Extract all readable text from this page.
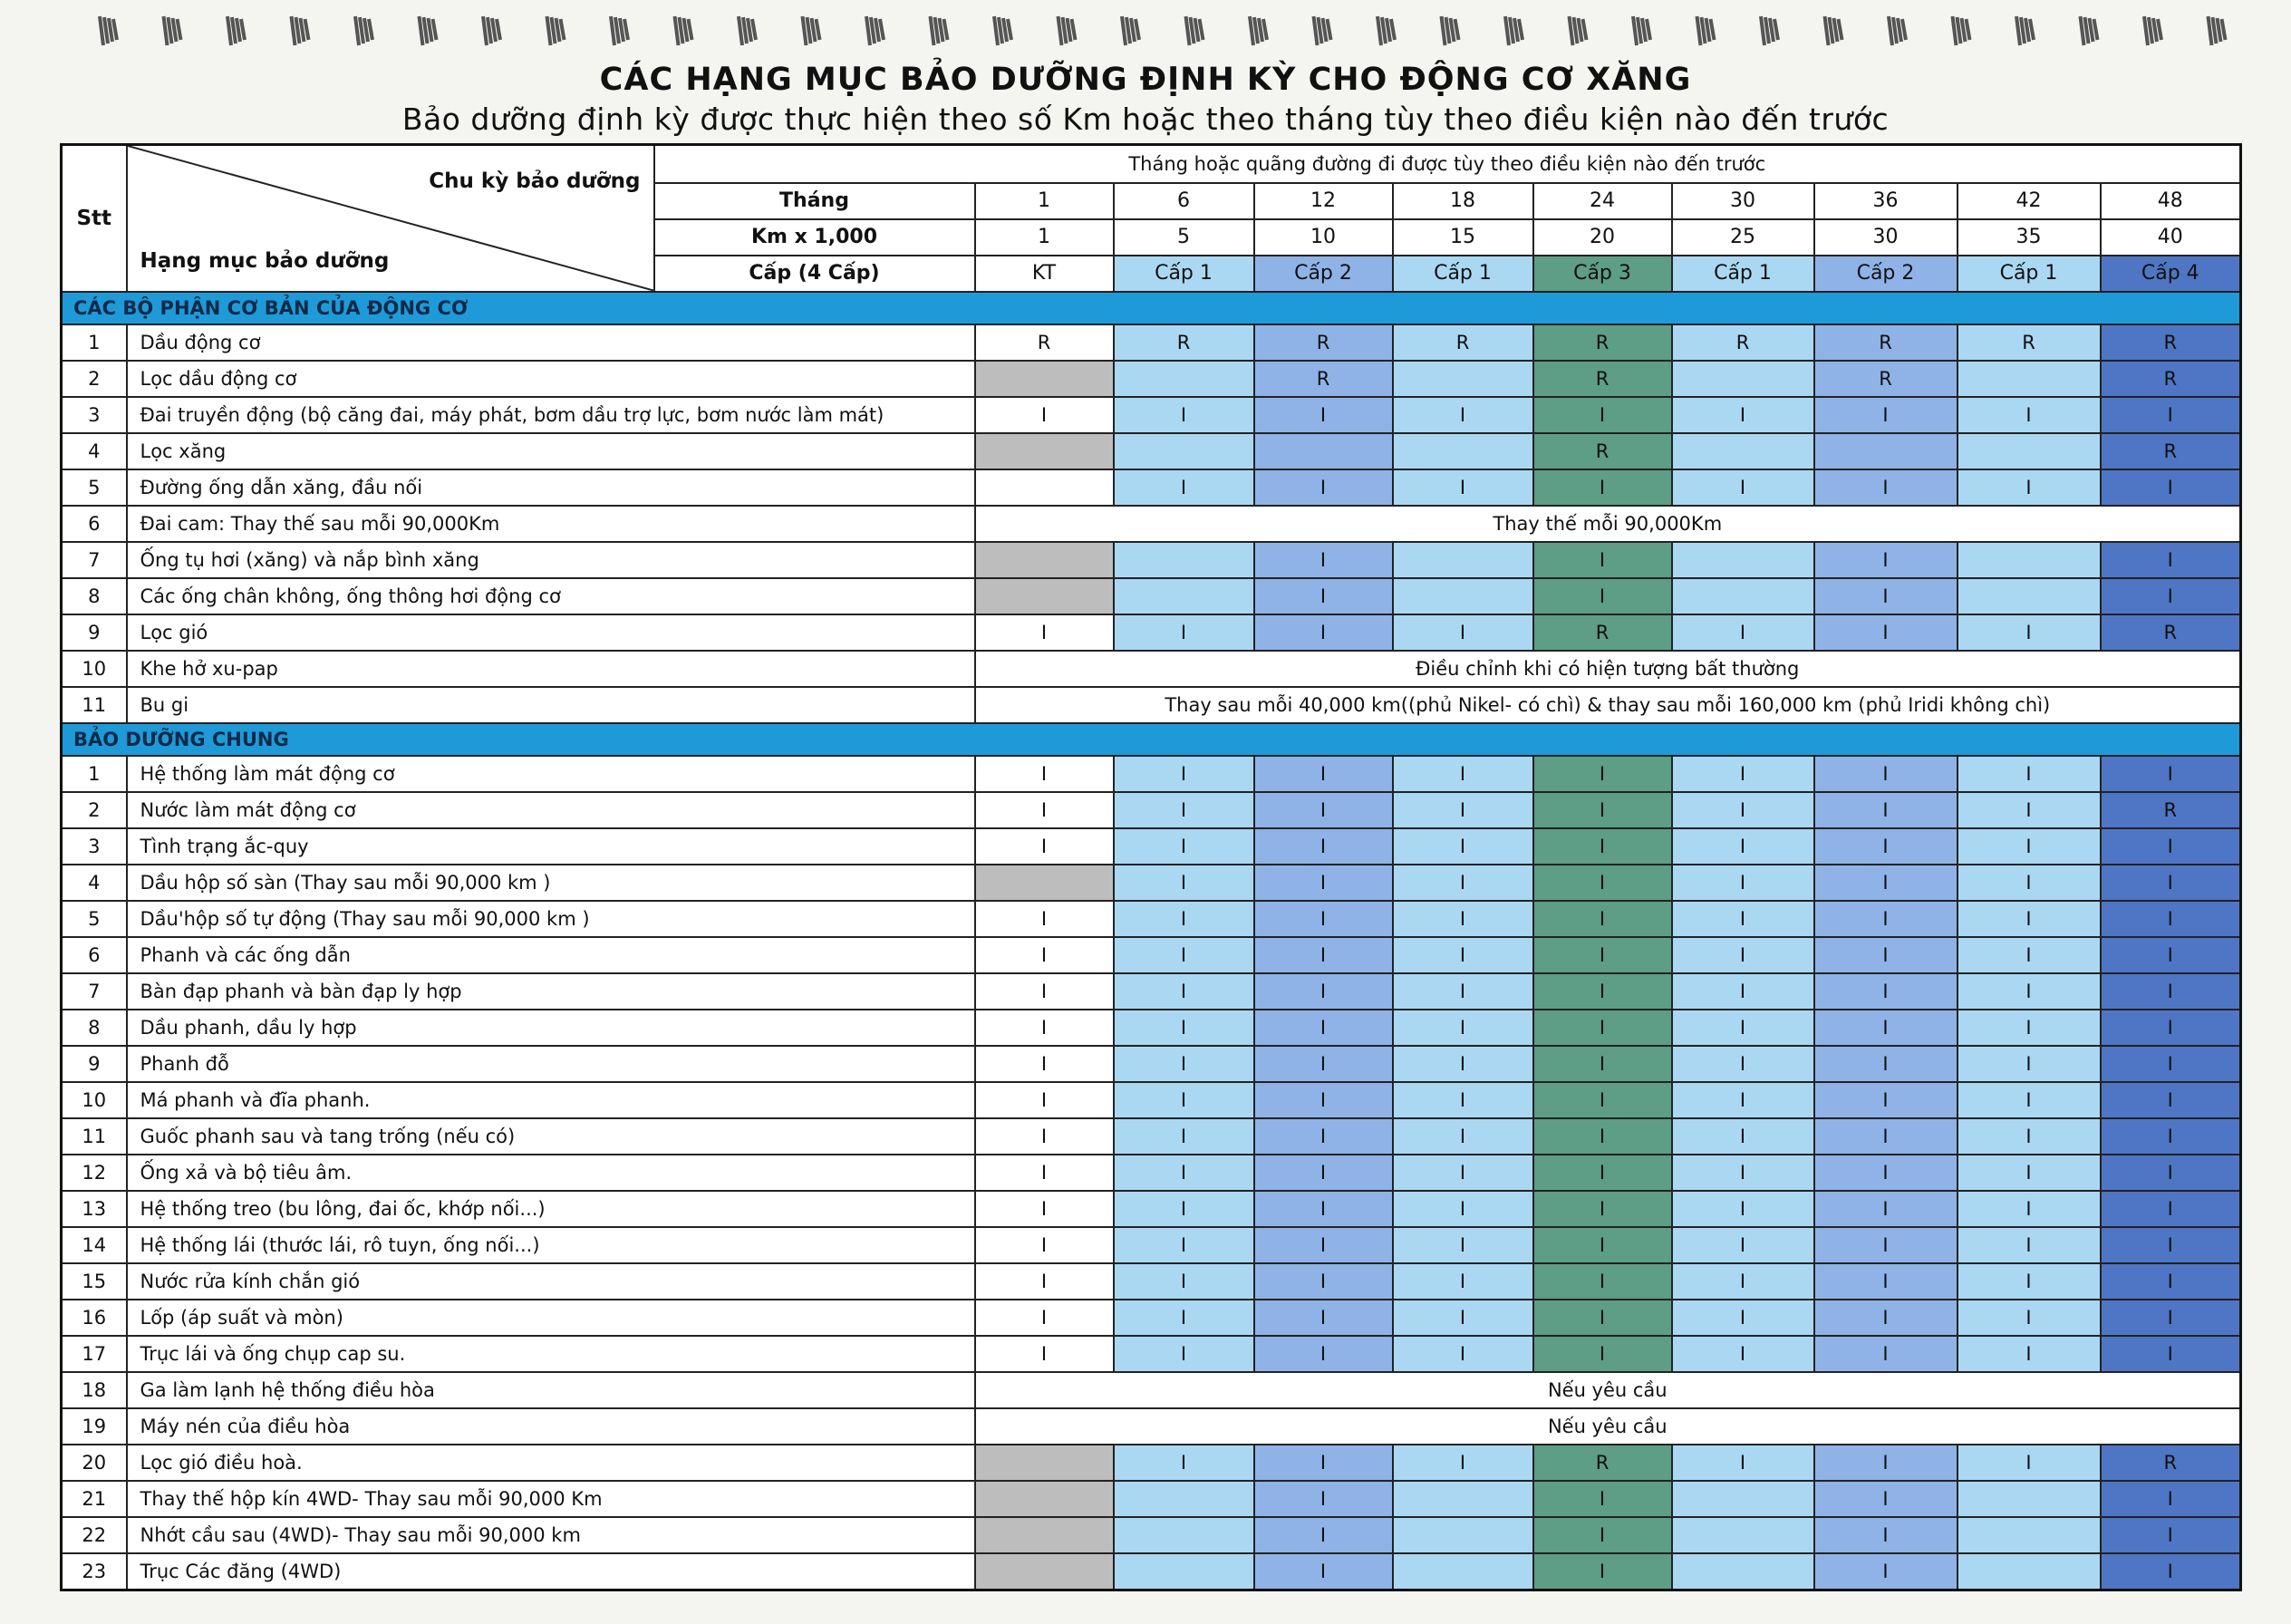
CÁC HẠNG MỤC BẢO DƯỠNG ĐỊNH KỲ CHO ĐỘNG CƠ XĂNG
Bảo dưỡng định kỳ được thực hiện theo số Km hoặc theo tháng tùy theo điều kiện nào đến trước
Stt	Chu kỳ bảo dưỡng
Hạng mục bảo dưỡng	Tháng hoặc quãng đường đi được tùy theo điều kiện nào đến trước									
		Tháng	1	6	12	18	24	30	36	42	48
		Km x 1,000	1	5	10	15	20	25	30	35	40
		Cấp (4 Cấp)	KT	Cấp 1	Cấp 2	Cấp 1	Cấp 3	Cấp 1	Cấp 2	Cấp 1	Cấp 4
CÁC BỘ PHẬN CƠ BẢN CỦA ĐỘNG CƠ											
1	Dầu động cơ		R	R	R	R	R	R	R	R	R
2	Lọc dầu động cơ				R		R		R		R
3	Đai truyền động (bộ căng đai, máy phát, bơm dầu trợ lực, bơm nước làm mát)		I	I	I	I	I	I	I	I	I
4	Lọc xăng						R				R
5	Đường ống dẫn xăng, đầu nối			I	I	I	I	I	I	I	I
6	Đai cam: Thay thế sau mỗi 90,000Km		Thay thế mỗi 90,000Km								
7	Ống tụ hơi (xăng) và nắp bình xăng				I		I		I		I
8	Các ống chân không, ống thông hơi động cơ				I		I		I		I
9	Lọc gió		I	I	I	I	R	I	I	I	R
10	Khe hở xu-pap		Điều chỉnh khi có hiện tượng bất thường								
11	Bu gi		Thay sau mỗi 40,000 km((phủ Nikel- có chì) & thay sau mỗi 160,000 km (phủ Iridi không chì)								
BẢO DƯỠNG CHUNG											
1	Hệ thống làm mát động cơ		I	I	I	I	I	I	I	I	I
2	Nước làm mát động cơ		I	I	I	I	I	I	I	I	R
3	Tình trạng ắc-quy		I	I	I	I	I	I	I	I	I
4	Dầu hộp số sàn (Thay sau mỗi 90,000 km )			I	I	I	I	I	I	I	I
5	Dầu'hộp số tự động (Thay sau mỗi 90,000 km )		I	I	I	I	I	I	I	I	I
6	Phanh và các ống dẫn		I	I	I	I	I	I	I	I	I
7	Bàn đạp phanh và bàn đạp ly hợp		I	I	I	I	I	I	I	I	I
8	Dầu phanh, dầu ly hợp		I	I	I	I	I	I	I	I	I
9	Phanh đỗ		I	I	I	I	I	I	I	I	I
10	Má phanh và đĩa phanh.		I	I	I	I	I	I	I	I	I
11	Guốc phanh sau và tang trống (nếu có)		I	I	I	I	I	I	I	I	I
12	Ống xả và bộ tiêu âm.		I	I	I	I	I	I	I	I	I
13	Hệ thống treo (bu lông, đai ốc, khớp nối...)		I	I	I	I	I	I	I	I	I
14	Hệ thống lái (thước lái, rô tuyn, ống nối...)		I	I	I	I	I	I	I	I	I
15	Nước rửa kính chắn gió		I	I	I	I	I	I	I	I	I
16	Lốp (áp suất và mòn)		I	I	I	I	I	I	I	I	I
17	Trục lái và ống chụp cap su.		I	I	I	I	I	I	I	I	I
18	Ga làm lạnh hệ thống điều hòa		Nếu yêu cầu								
19	Máy nén của điều hòa		Nếu yêu cầu								
20	Lọc gió điều hoà.			I	I	I	R	I	I	I	R
21	Thay thế hộp kín 4WD- Thay sau mỗi 90,000 Km				I		I		I		I
22	Nhớt cầu sau (4WD)- Thay sau mỗi 90,000 km				I		I		I		I
23	Trục Các đăng (4WD)				I		I		I		I
